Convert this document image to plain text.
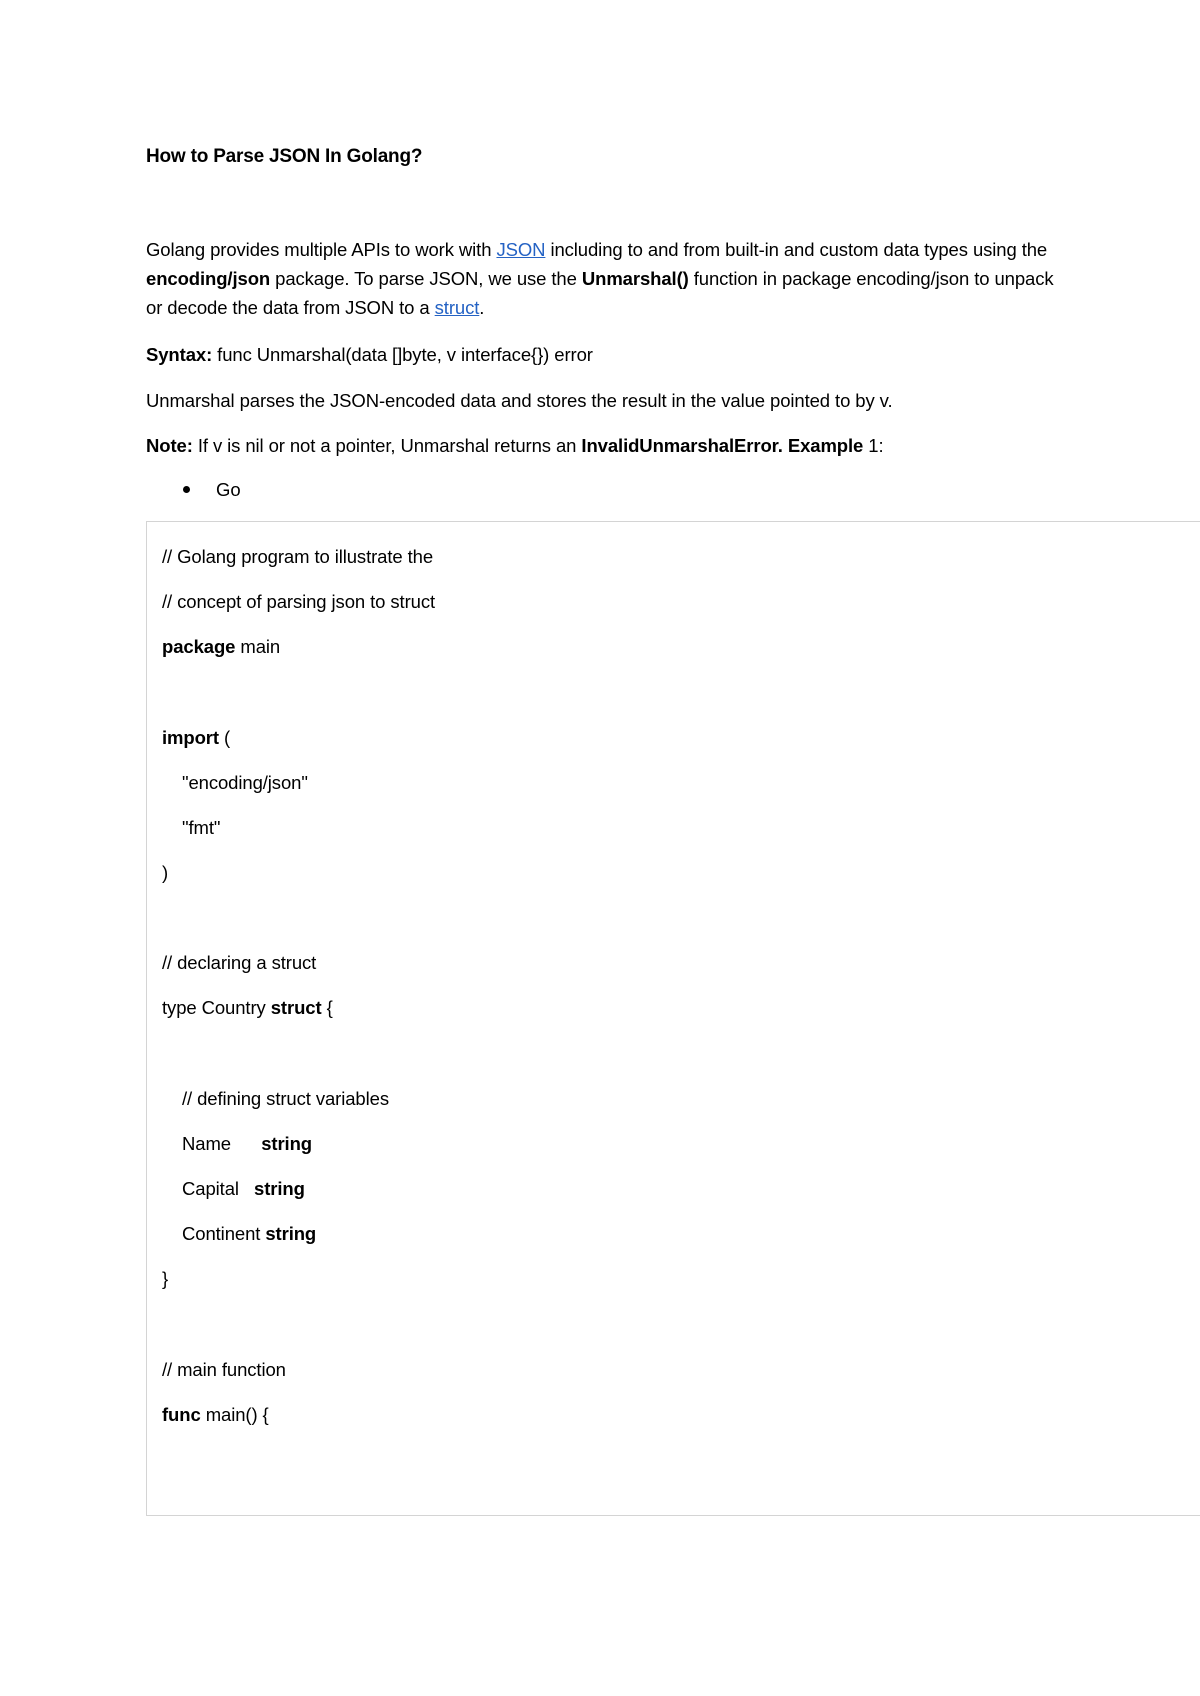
How to Parse JSON In Golang?
Golang provides multiple APIs to work with JSON including to and from built-in and custom data types using the encoding/json package. To parse JSON, we use the Unmarshal() function in package encoding/json to unpack or decode the data from JSON to a struct.
Syntax: func Unmarshal(data []byte, v interface{}) error
Unmarshal parses the JSON-encoded data and stores the result in the value pointed to by v.
Note: If v is nil or not a pointer, Unmarshal returns an InvalidUnmarshalError. Example 1:
Go
// Golang program to illustrate the
// concept of parsing json to struct
package main
import (
"encoding/json"
"fmt"
)
// declaring a struct
type Country struct {
// defining struct variables
Name      string
Capital   string
Continent string
}
// main function
func main() {
